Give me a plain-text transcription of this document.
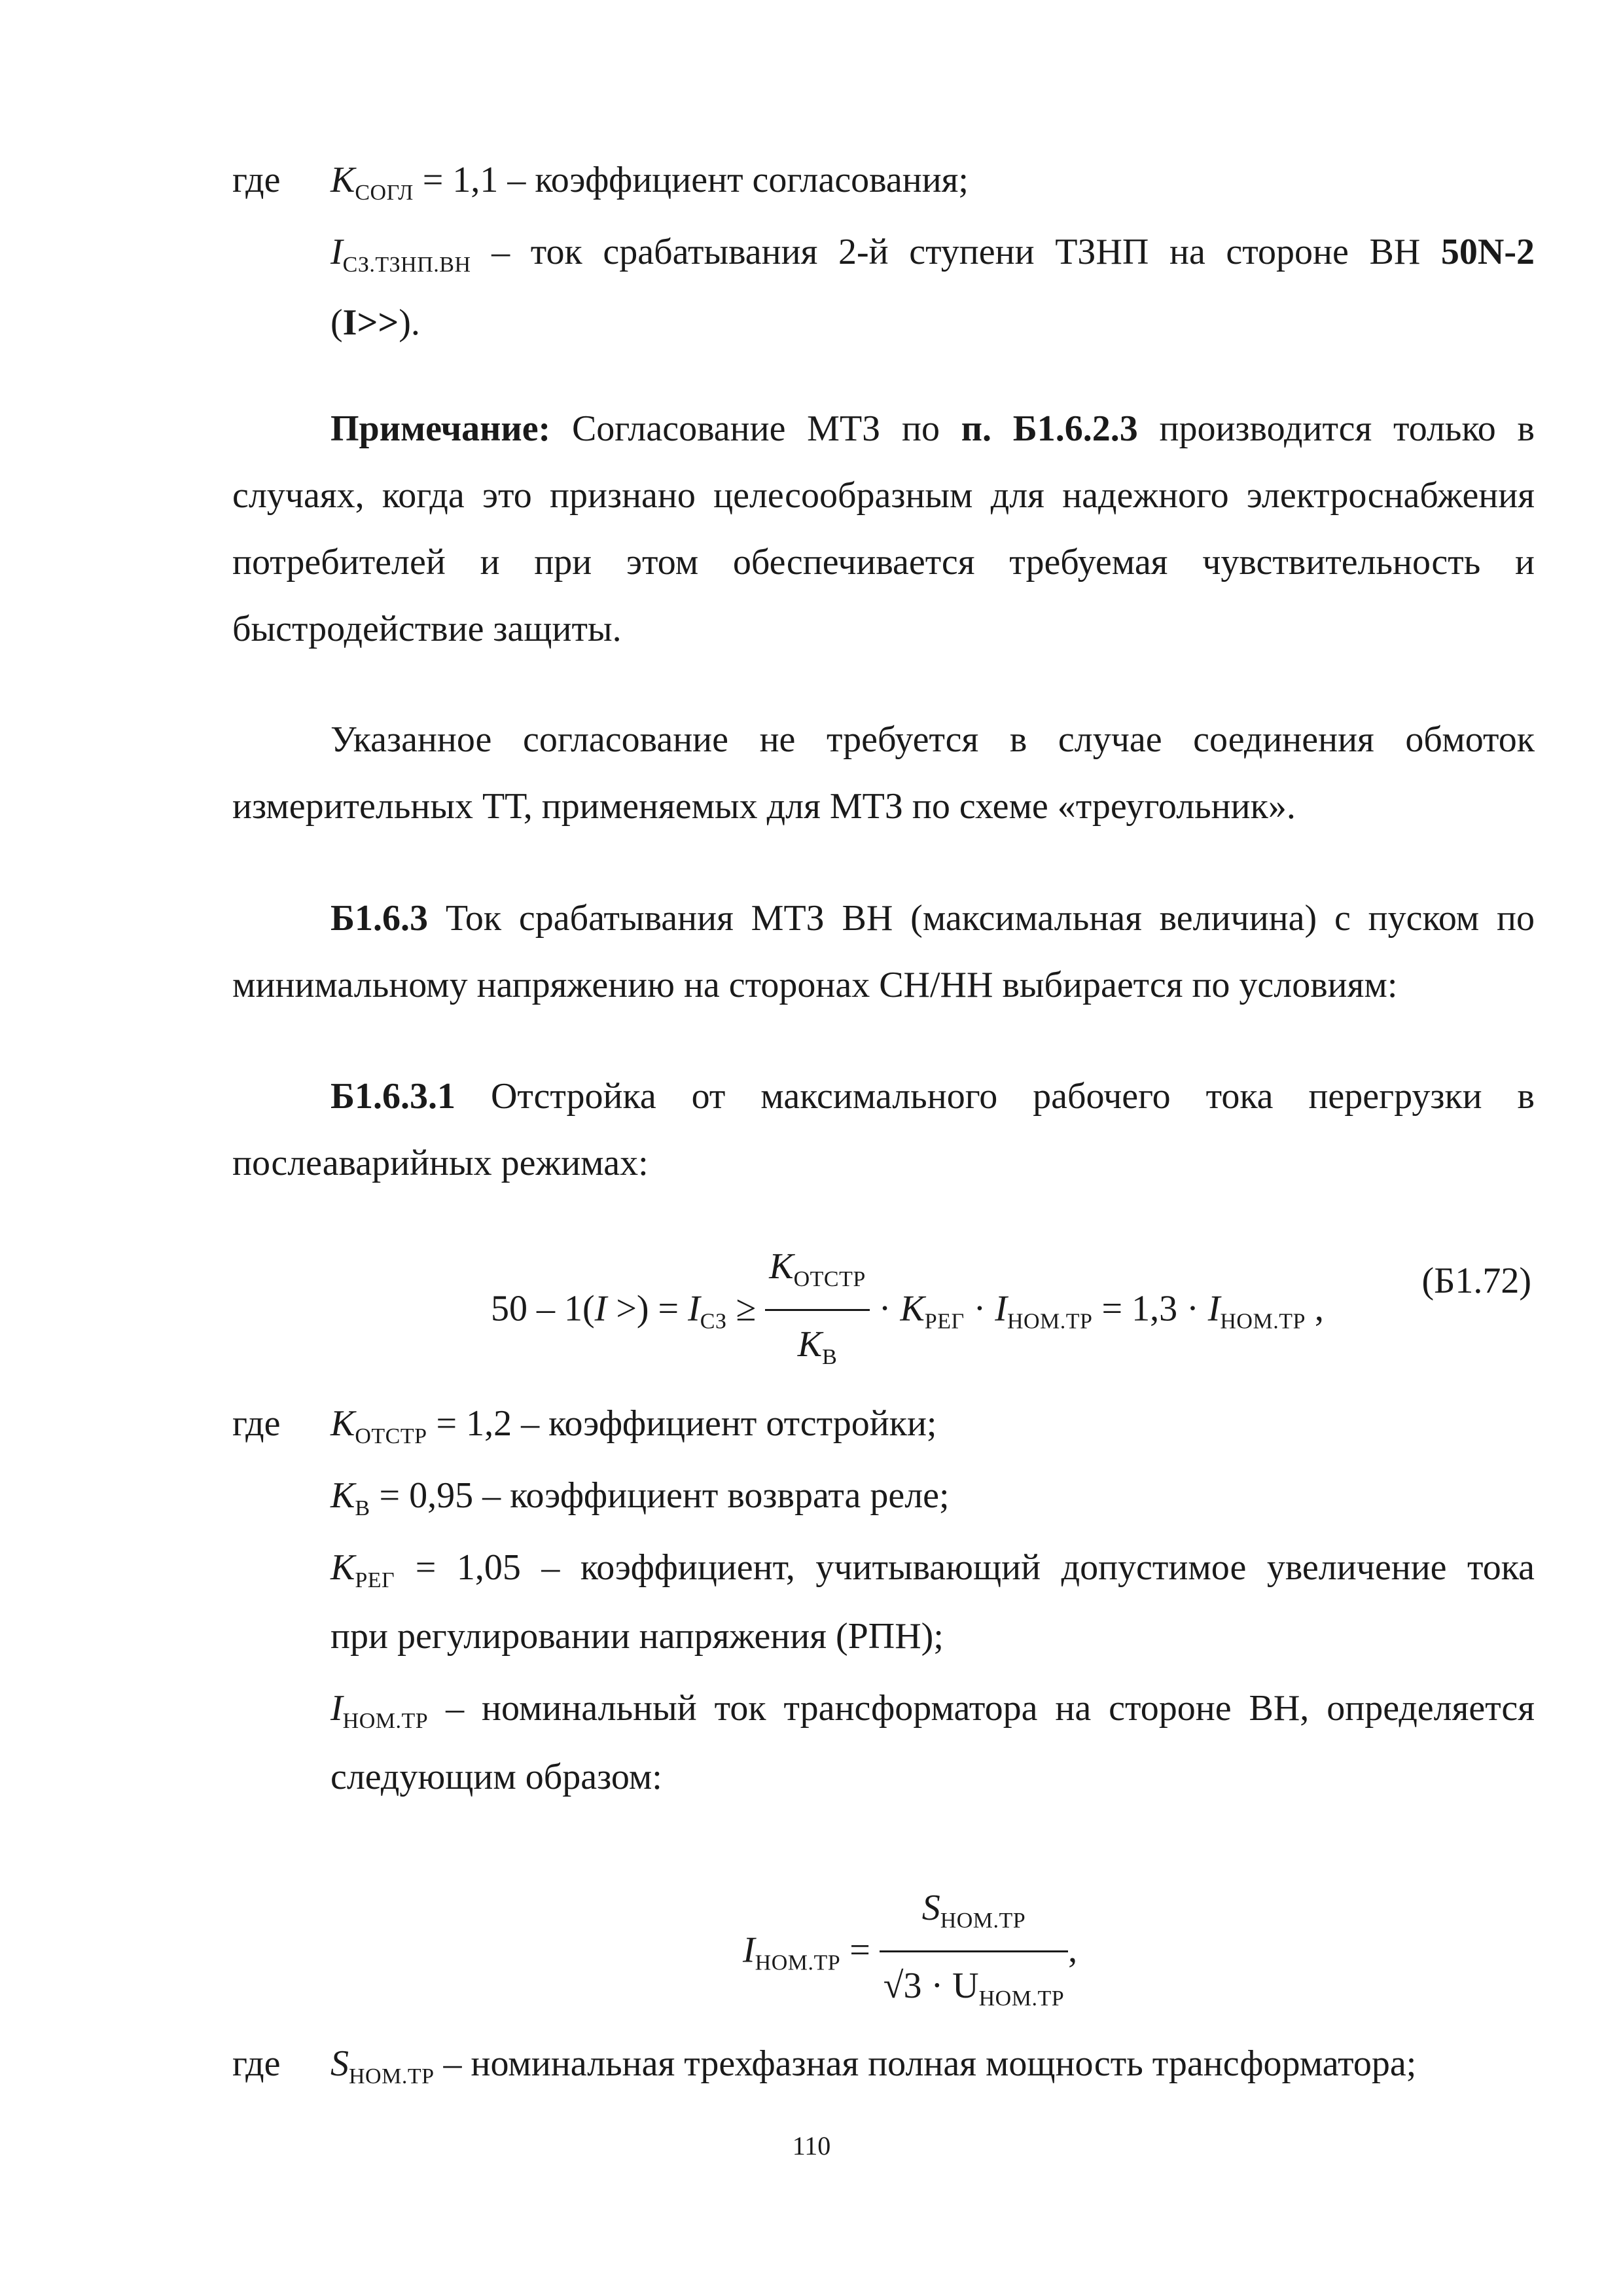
где $K_{СОГЛ} = 1,1$ – коэффициент согласования;
$I_{СЗ.ТЗНП.ВН}$ – ток срабатывания 2-й ступени ТЗНП на стороне ВН 50N-2
(I>>).
Примечание: Согласование МТЗ по п. Б1.6.2.3 производится только в
случаях, когда это признано целесообразным для надежного электроснабжения
потребителей и при этом обеспечивается требуемая чувствительность и
быстродействие защиты.
Указанное согласование не требуется в случае соединения обмоток
измерительных ТТ, применяемых для МТЗ по схеме «треугольник».
Б1.6.3 Ток срабатывания МТЗ ВН (максимальная величина) с пуском по
минимальному напряжению на сторонах СН/НН выбирается по условиям:
Б1.6.3.1 Отстройка от максимального рабочего тока перегрузки в
послеаварийных режимах:
50 – 1(I >) = $I_{СЗ} \ge \frac{K_{ОТСТР}}{K_В} \cdot K_{РЕГ} \cdot I_{НОМ.ТР} = 1,3 \cdot I_{НОМ.ТР}$ ,
(Б1.72)
где $K_{ОТСТР} = 1,2$ – коэффициент отстройки;
$K_В = 0,95$ – коэффициент возврата реле;
$K_{РЕГ} = 1,05$ – коэффициент, учитывающий допустимое увеличение тока
при регулировании напряжения (РПН);
$I_{НОМ.ТР}$ – номинальный ток трансформатора на стороне ВН, определяется
следующим образом:
$I_{НОМ.ТР} = \frac{S_{НОМ.ТР}}{√3 \cdot U_{НОМ.ТР}}$ ,
где $S_{НОМ.ТР}$ – номинальная трехфазная полная мощность трансформатора;
110
